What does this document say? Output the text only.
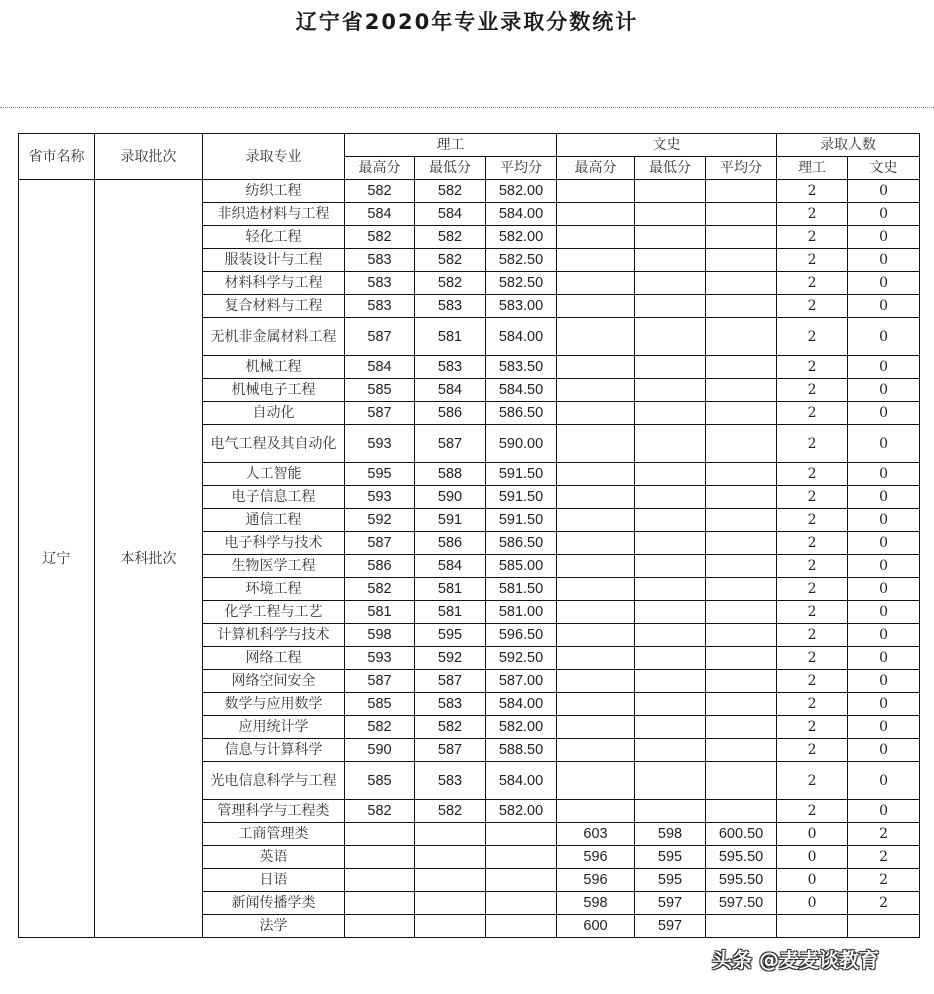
辽宁省2020年专业录取分数统计
省市名称	录取批次	录取专业	理工			文史			录取人数	
			最高分	最低分	平均分	最高分	最低分	平均分	理工	文史
辽宁	本科批次	纺织工程	582	582	582.00				2	0
		非织造材料与工程	584	584	584.00				2	0
		轻化工程	582	582	582.00				2	0
		服装设计与工程	583	582	582.50				2	0
		材料科学与工程	583	582	582.50				2	0
		复合材料与工程	583	583	583.00				2	0
		无机非金属材料工程	587	581	584.00				2	0
		机械工程	584	583	583.50				2	0
		机械电子工程	585	584	584.50				2	0
		自动化	587	586	586.50				2	0
		电气工程及其自动化	593	587	590.00				2	0
		人工智能	595	588	591.50				2	0
		电子信息工程	593	590	591.50				2	0
		通信工程	592	591	591.50				2	0
		电子科学与技术	587	586	586.50				2	0
		生物医学工程	586	584	585.00				2	0
		环境工程	582	581	581.50				2	0
		化学工程与工艺	581	581	581.00				2	0
		计算机科学与技术	598	595	596.50				2	0
		网络工程	593	592	592.50				2	0
		网络空间安全	587	587	587.00				2	0
		数学与应用数学	585	583	584.00				2	0
		应用统计学	582	582	582.00				2	0
		信息与计算科学	590	587	588.50				2	0
		光电信息科学与工程	585	583	584.00				2	0
		管理科学与工程类	582	582	582.00				2	0
		工商管理类				603	598	600.50	0	2
		英语				596	595	595.50	0	2
		日语				596	595	595.50	0	2
		新闻传播学类				598	597	597.50	0	2
		法学				600	597			
头条 @麦麦谈教育
